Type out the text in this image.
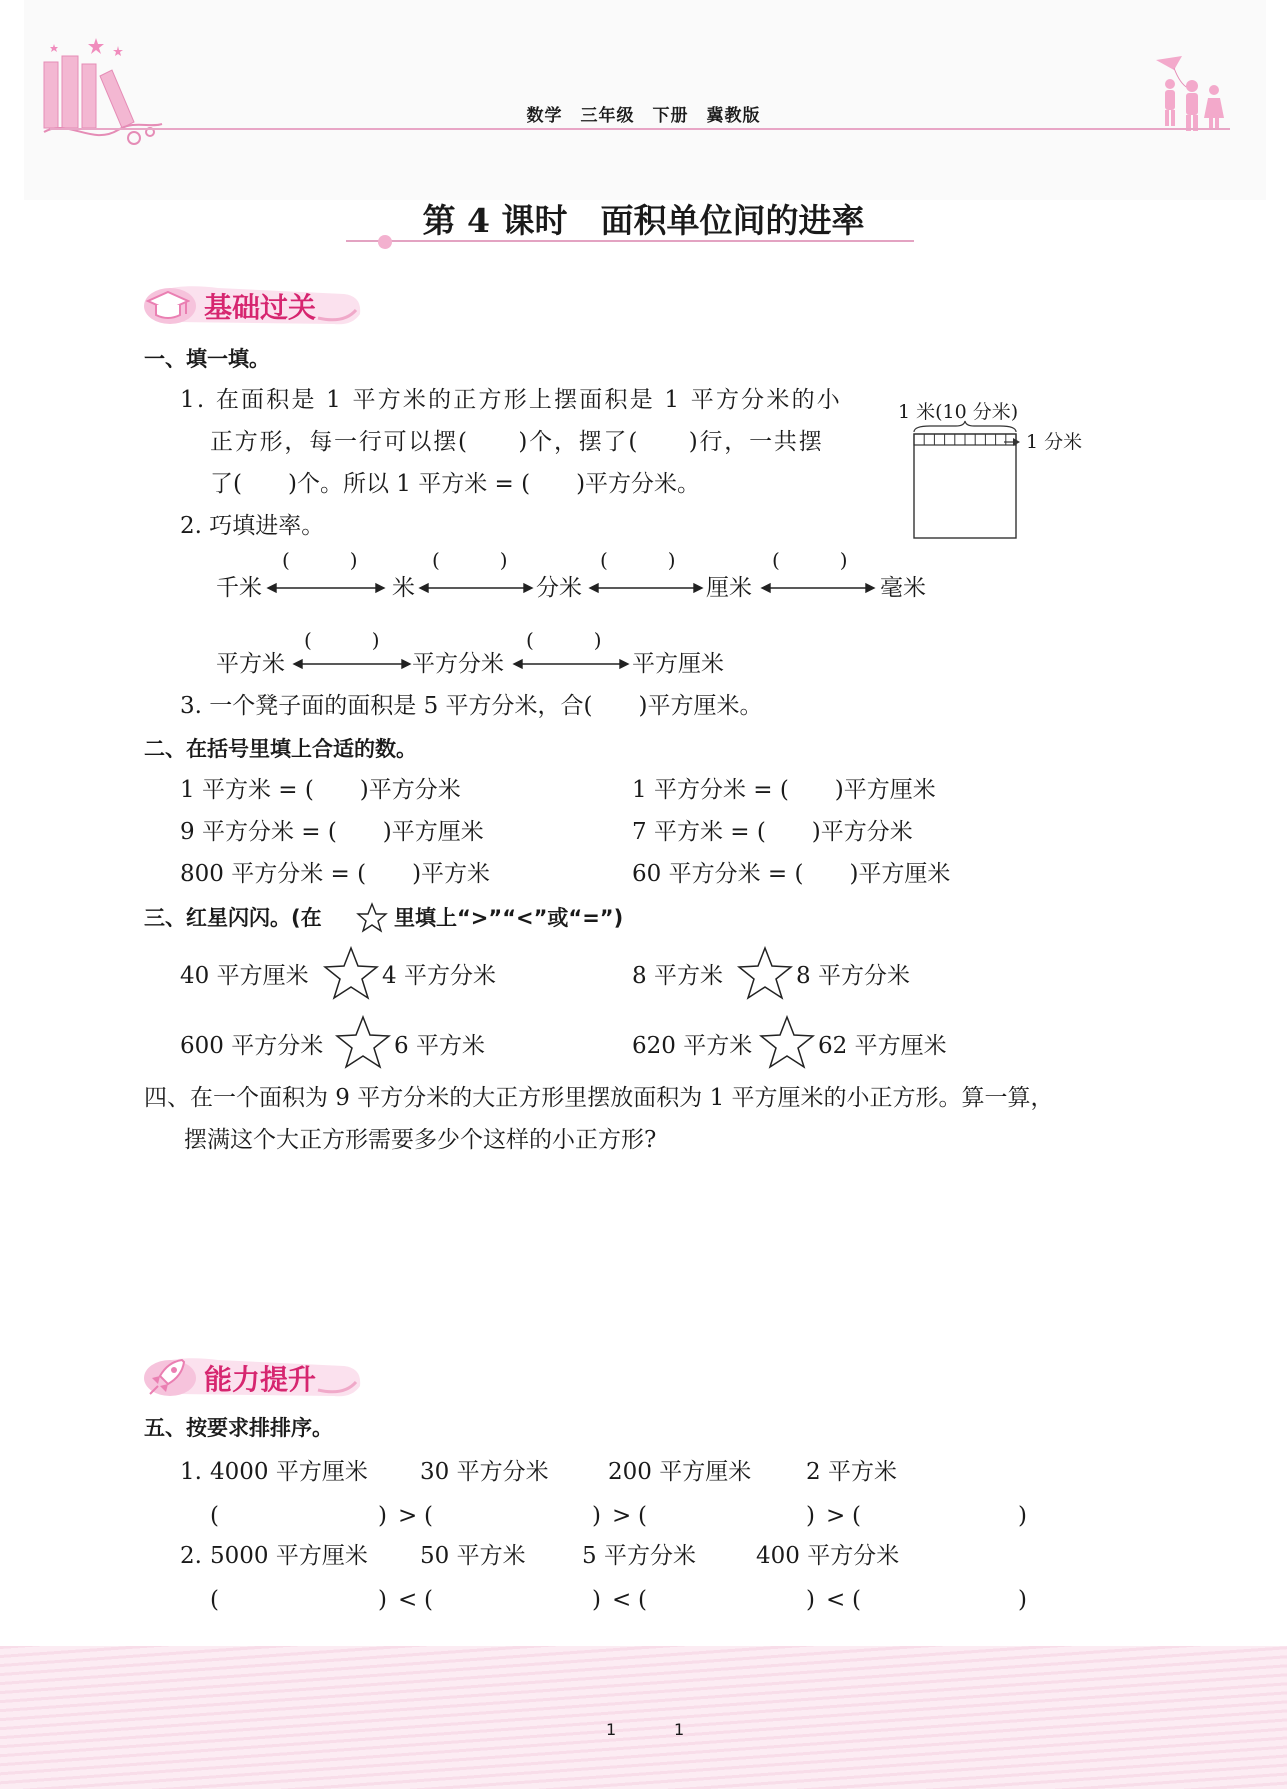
数学　三年级　下册　冀教版
第 4 课时　面积单位间的进率
基础过关
一、填一填。
1. 在面积是 1 平方米的正方形上摆面积是 1 平方分米的小
正方形，每一行可以摆(　　)个，摆了(　　)行，一共摆
了(　　)个。所以 1 平方米 = (　　)平方分米。
1 米(10 分米)
1 分米
2. 巧填进率。
千米
(　　　)
米
(　　　)
分米
(　　　)
厘米
(　　　)
毫米
平方米
(　　　)
平方分米
(　　　)
平方厘米
3. 一个凳子面的面积是 5 平方分米，合(　　)平方厘米。
二、在括号里填上合适的数。
1 平方米 = (　　)平方分米	1 平方分米 = (　　)平方厘米
9 平方分米 = (　　)平方厘米	7 平方米 = (　　)平方分米
800 平方分米 = (　　)平方米	60 平方分米 = (　　)平方厘米
三、红星闪闪。(在	里填上“>”“<”或“=”)
40 平方厘米	4 平方分米	8 平方米	8 平方分米
600 平方分米	6 平方米	620 平方米	62 平方厘米
四、在一个面积为 9 平方分米的大正方形里摆放面积为 1 平方厘米的小正方形。算一算，
摆满这个大正方形需要多少个这样的小正方形?
能力提升
五、按要求排排序。
1. 4000 平方厘米 30 平方分米	200 平方厘米 2 平方米
(	) > (	) > (	) > (	)
2. 5000 平方厘米 50 平方米 5 平方分米	400 平方分米
(	) < (	) < (	) < (	)
1	1
